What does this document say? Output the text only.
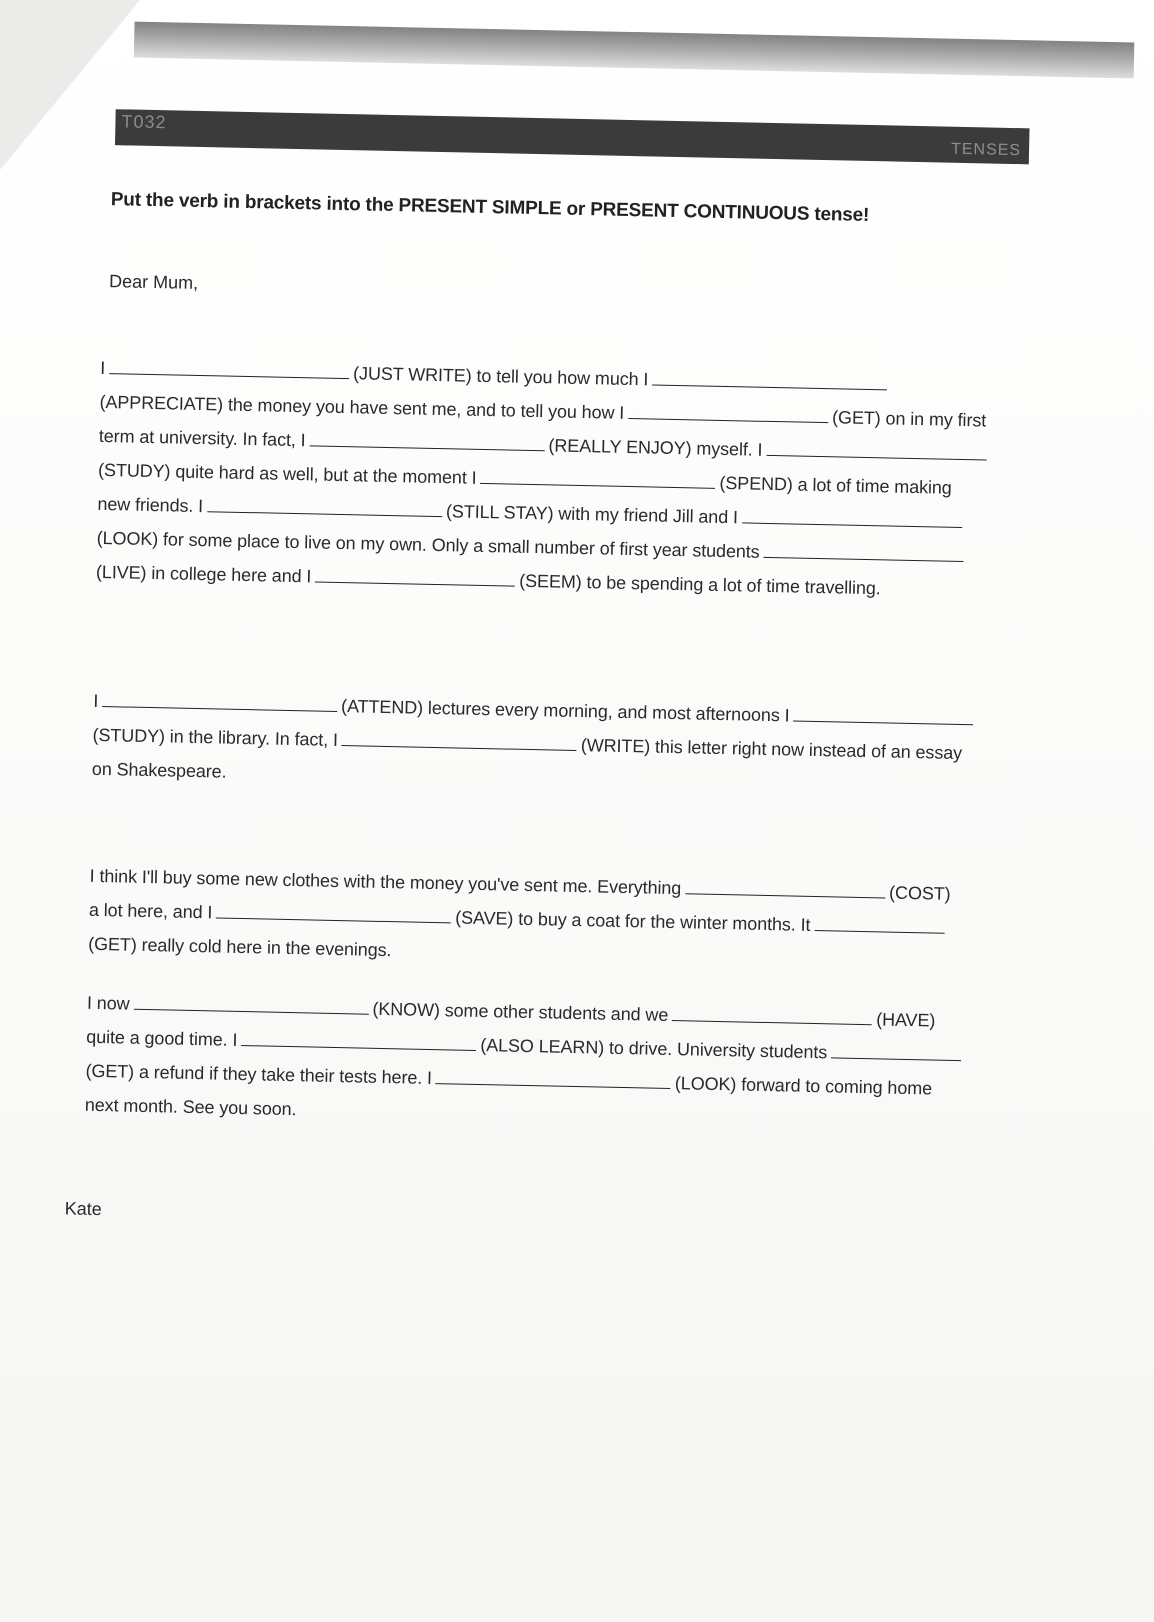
T032
TENSES
Put the verb in brackets into the PRESENT SIMPLE or PRESENT CONTINUOUS tense!
Dear Mum,
I	(JUST WRITE) to tell you how much I
(APPRECIATE) the money you have sent me, and to tell you how I	(GET) on in my first
term at university. In fact, I	(REALLY ENJOY) myself. I
(STUDY) quite hard as well, but at the moment I	(SPEND) a lot of time making
new friends. I	(STILL STAY) with my friend Jill and I
(LOOK) for some place to live on my own. Only a small number of first year students
(LIVE) in college here and I	(SEEM) to be spending a lot of time travelling.
I	(ATTEND) lectures every morning, and most afternoons I
(STUDY) in the library. In fact, I	(WRITE) this letter right now instead of an essay
on Shakespeare.
I think I'll buy some new clothes with the money you've sent me. Everything	(COST)
a lot here, and I	(SAVE) to buy a coat for the winter months. It
(GET) really cold here in the evenings.
I now	(KNOW) some other students and we	(HAVE)
quite a good time. I	(ALSO LEARN) to drive. University students
(GET) a refund if they take their tests here. I	(LOOK) forward to coming home
next month. See you soon.
Kate
